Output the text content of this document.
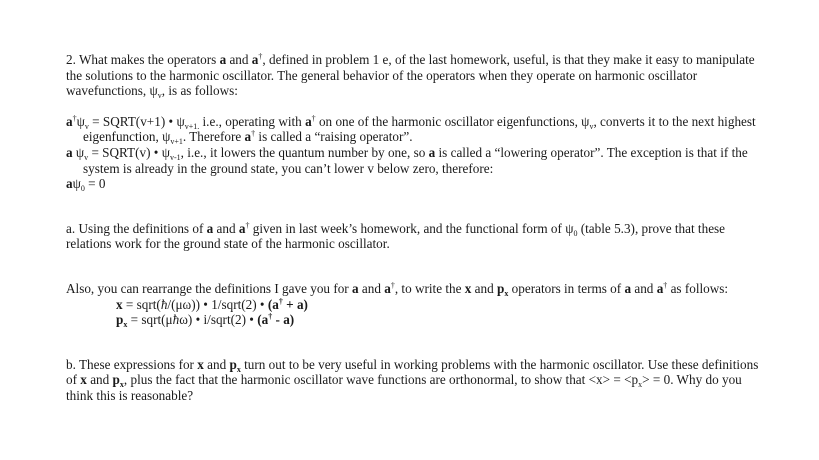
2. What makes the operators a and a†, defined in problem 1 e, of the last homework, useful, is that they make it easy to manipulate the solutions to the harmonic oscillator. The general behavior of the operators when they operate on harmonic oscillator wavefunctions, $\psi_v$, is as follows:

$a^\dagger\psi_v$ = SQRT(v+1) • $\psi_{v+1.}$ i.e., operating with a† on one of the harmonic oscillator eigenfunctions, $\psi_v$, converts it to the next highest eigenfunction, $\psi_{v+1}$. Therefore a† is called a “raising operator”.

a $\psi_v$ = SQRT(v) • $\psi_{v-1}$, i.e., it lowers the quantum number by one, so a is called a “lowering operator”. The exception is that if the system is already in the ground state, you can’t lower v below zero, therefore:

$a\psi_0 = 0$

a. Using the definitions of a and a† given in last week’s homework, and the functional form of $\psi_0$ (table 5.3), prove that these relations work for the ground state of the harmonic oscillator.

Also, you can rearrange the definitions I gave you for a and a†, to write the x and $p_x$ operators in terms of a and a† as follows:

x = sqrt(ħ/(μω)) • 1/sqrt(2) • (a† + a)

$p_x$ = sqrt(μħω) • i/sqrt(2) • (a† - a)

b. These expressions for x and $p_x$ turn out to be very useful in working problems with the harmonic oscillator. Use these definitions of x and $p_x$, plus the fact that the harmonic oscillator wave functions are orthonormal, to show that $<x> = <p_x> = 0$. Why do you think this is reasonable?
